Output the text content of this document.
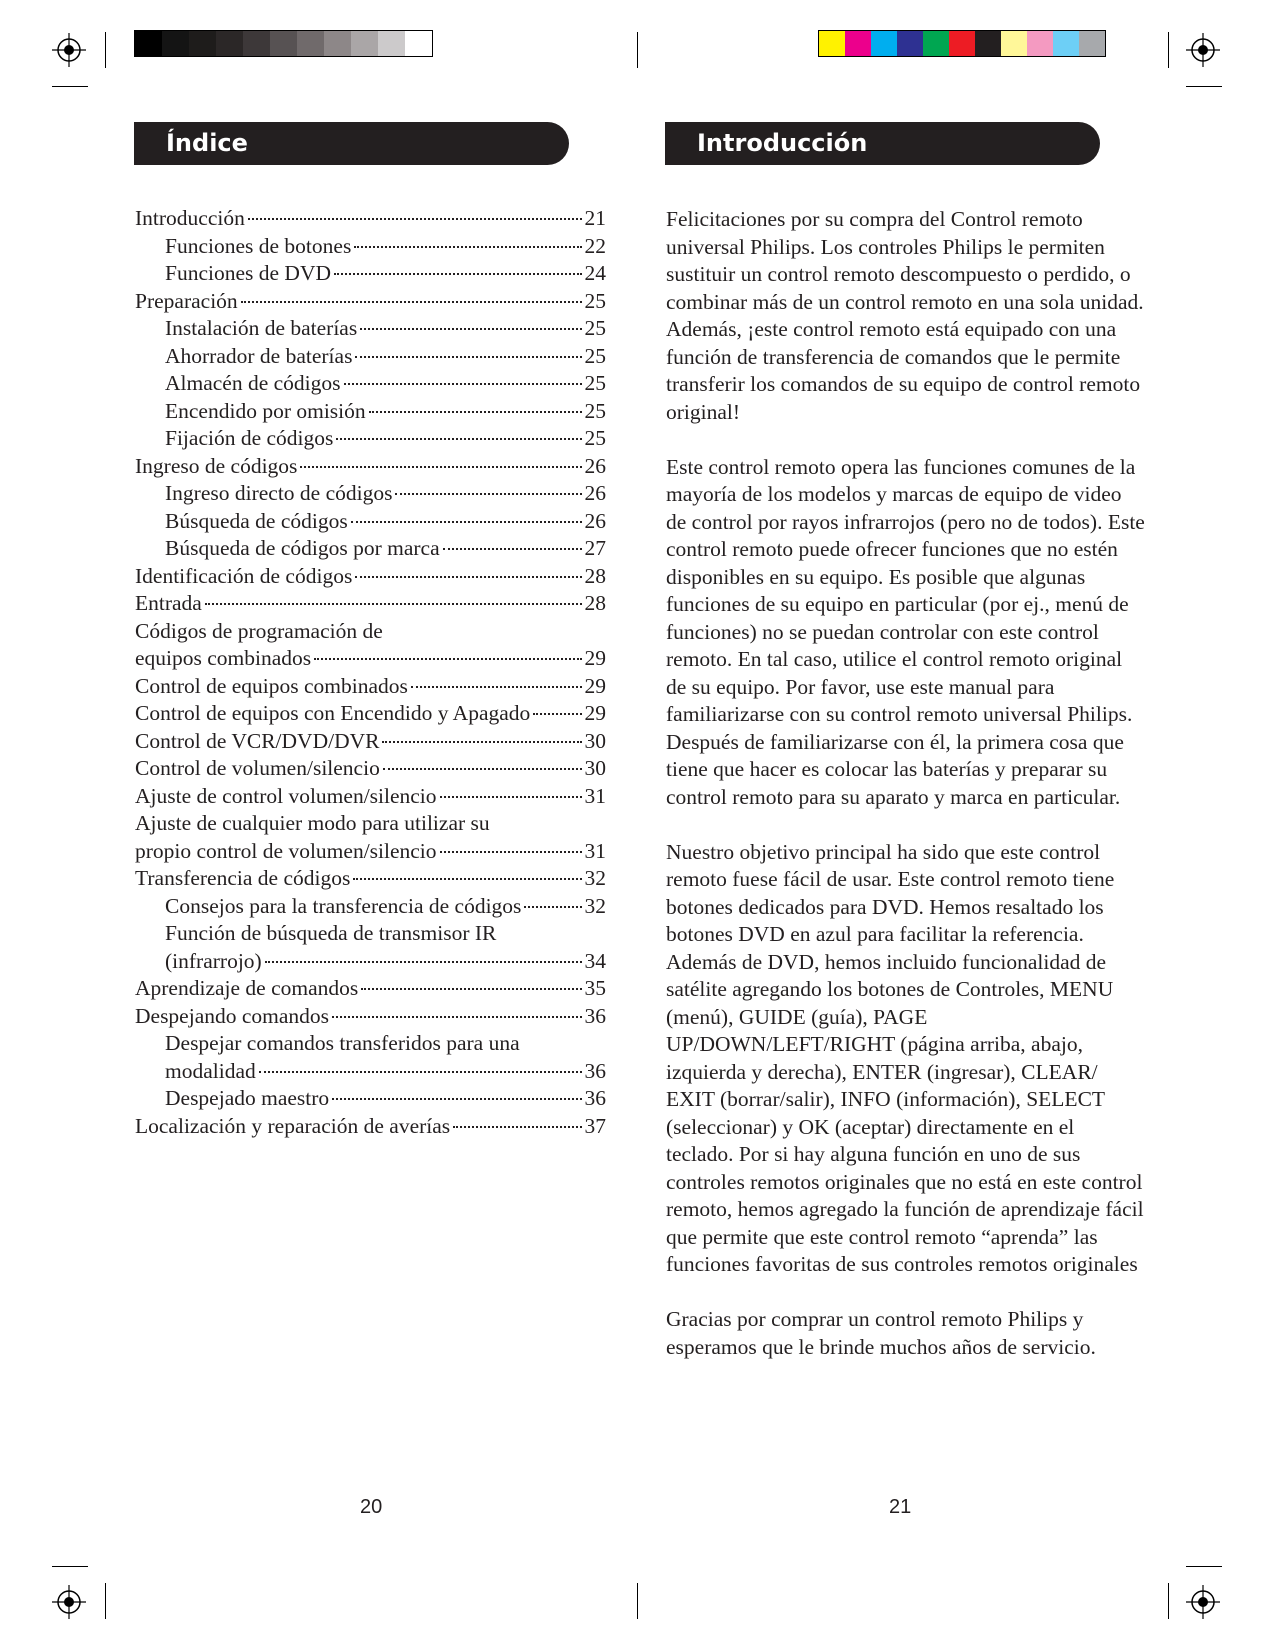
Índice	Introducción
Introducción	21
Funciones de botones	22
Funciones de DVD	24
Preparación	25
Instalación de baterías	25
Ahorrador de baterías	25
Almacén de códigos	25
Encendido por omisión	25
Fijación de códigos	25
Ingreso de códigos	26
Ingreso directo de códigos	26
Búsqueda de códigos	26
Búsqueda de códigos por marca	27
Identificación de códigos	28
Entrada	28
Códigos de programación de
equipos combinados	29
Control de equipos combinados	29
Control de equipos con Encendido y Apagado	29
Control de VCR/DVD/DVR	30
Control de volumen/silencio	30
Ajuste de control volumen/silencio	31
Ajuste de cualquier modo para utilizar su
propio control de volumen/silencio	31
Transferencia de códigos	32
Consejos para la transferencia de códigos	32
Función de búsqueda de transmisor IR
(infrarrojo)	34
Aprendizaje de comandos	35
Despejando comandos	36
Despejar comandos transferidos para una
modalidad	36
Despejado maestro	36
Localización y reparación de averías	37

Felicitaciones por su compra del Control remoto universal Philips. Los controles Philips le permiten sustituir un control remoto descompuesto o perdido, o combinar más de un control remoto en una sola unidad. Además, ¡este control remoto está equipado con una función de transferencia de comandos que le permite transferir los comandos de su equipo de control remoto original!

Este control remoto opera las funciones comunes de la mayoría de los modelos y marcas de equipo de video de control por rayos infrarrojos (pero no de todos). Este control remoto puede ofrecer funciones que no estén disponibles en su equipo. Es posible que algunas funciones de su equipo en particular (por ej., menú de funciones) no se puedan controlar con este control remoto. En tal caso, utilice el control remoto original de su equipo. Por favor, use este manual para familiarizarse con su control remoto universal Philips. Después de familiarizarse con él, la primera cosa que tiene que hacer es colocar las baterías y preparar su control remoto para su aparato y marca en particular.

Nuestro objetivo principal ha sido que este control remoto fuese fácil de usar. Este control remoto tiene botones dedicados para DVD. Hemos resaltado los botones DVD en azul para facilitar la referencia. Además de DVD, hemos incluido funcionalidad de satélite agregando los botones de Controles, MENU (menú), GUIDE (guía), PAGE UP/DOWN/LEFT/RIGHT (página arriba, abajo, izquierda y derecha), ENTER (ingresar), CLEAR/ EXIT (borrar/salir), INFO (información), SELECT (seleccionar) y OK (aceptar) directamente en el teclado. Por si hay alguna función en uno de sus controles remotos originales que no está en este control remoto, hemos agregado la función de aprendizaje fácil que permite que este control remoto “aprenda” las funciones favoritas de sus controles remotos originales

Gracias por comprar un control remoto Philips y esperamos que le brinde muchos años de servicio.

20	21
